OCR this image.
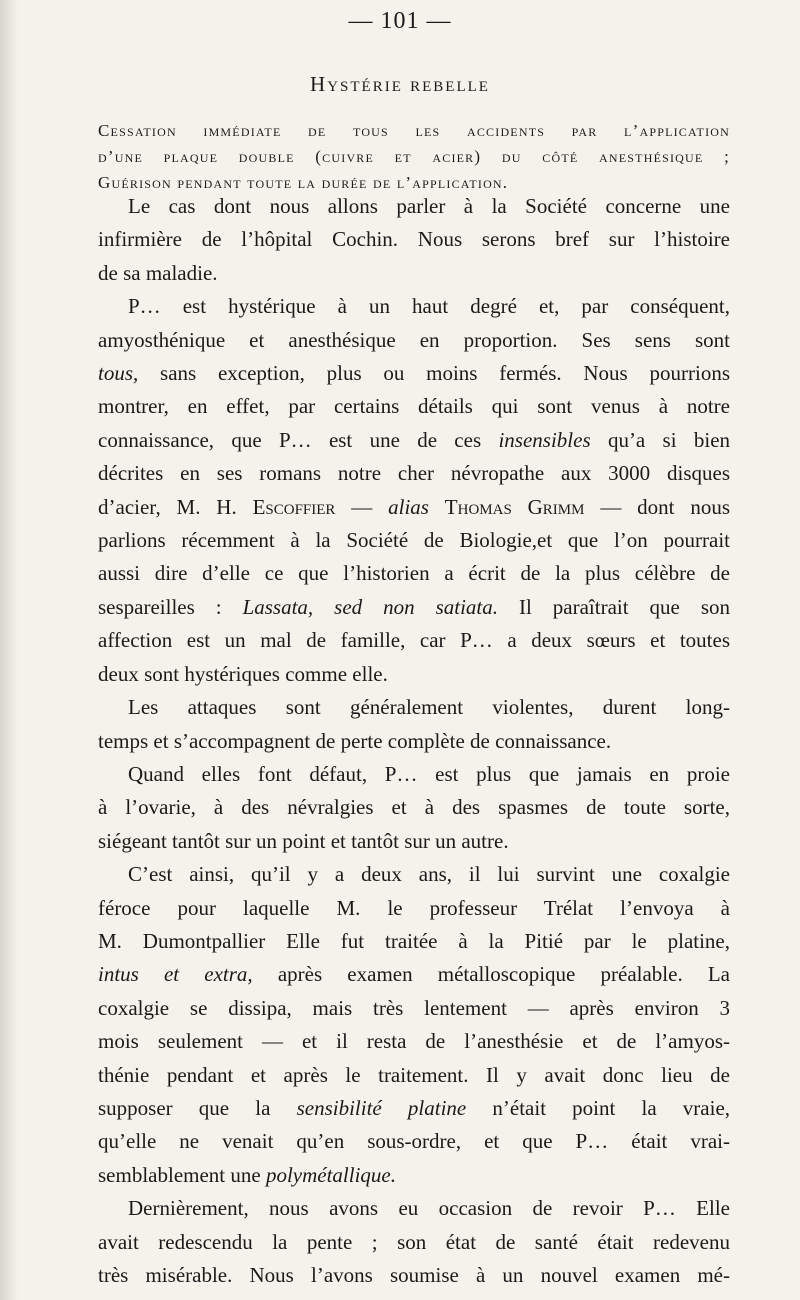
— 101 —
Hystérie rebelle
Cessation immédiate de tous les accidents par l’application
d’une plaque double (cuivre et acier) du côté anesthésique ;
Guérison pendant toute la durée de l’application.
Le cas dont nous allons parler à la Société concerne une
infirmière de l’hôpital Cochin. Nous serons bref sur l’histoire
de sa maladie.
P… est hystérique à un haut degré et, par conséquent,
amyosthénique et anesthésique en proportion. Ses sens sont
tous, sans exception, plus ou moins fermés. Nous pourrions
montrer, en effet, par certains détails qui sont venus à notre
connaissance, que P… est une de ces insensibles qu’a si bien
décrites en ses romans notre cher névropathe aux 3000 disques
d’acier, M. H. Escoffier — alias Thomas Grimm — dont nous
parlions récemment à la Société de Biologie,et que l’on pourrait
aussi dire d’elle ce que l’historien a écrit de la plus célèbre de
sespareilles : Lassata, sed non satiata. Il paraîtrait que son
affection est un mal de famille, car P… a deux sœurs et toutes
deux sont hystériques comme elle.
Les attaques sont généralement violentes, durent long-
temps et s’accompagnent de perte complète de connaissance.
Quand elles font défaut, P… est plus que jamais en proie
à l’ovarie, à des névralgies et à des spasmes de toute sorte,
siégeant tantôt sur un point et tantôt sur un autre.
C’est ainsi, qu’il y a deux ans, il lui survint une coxalgie
féroce pour laquelle M. le professeur Trélat l’envoya à
M. Dumontpallier Elle fut traitée à la Pitié par le platine,
intus et extra, après examen métalloscopique préalable. La
coxalgie se dissipa, mais très lentement — après environ 3
mois seulement — et il resta de l’anesthésie et de l’amyos-
thénie pendant et après le traitement. Il y avait donc lieu de
supposer que la sensibilité platine n’était point la vraie,
qu’elle ne venait qu’en sous-ordre, et que P… était vrai-
semblablement une polymétallique.
Dernièrement, nous avons eu occasion de revoir P… Elle
avait redescendu la pente ; son état de santé était redevenu
très misérable. Nous l’avons soumise à un nouvel examen mé-
